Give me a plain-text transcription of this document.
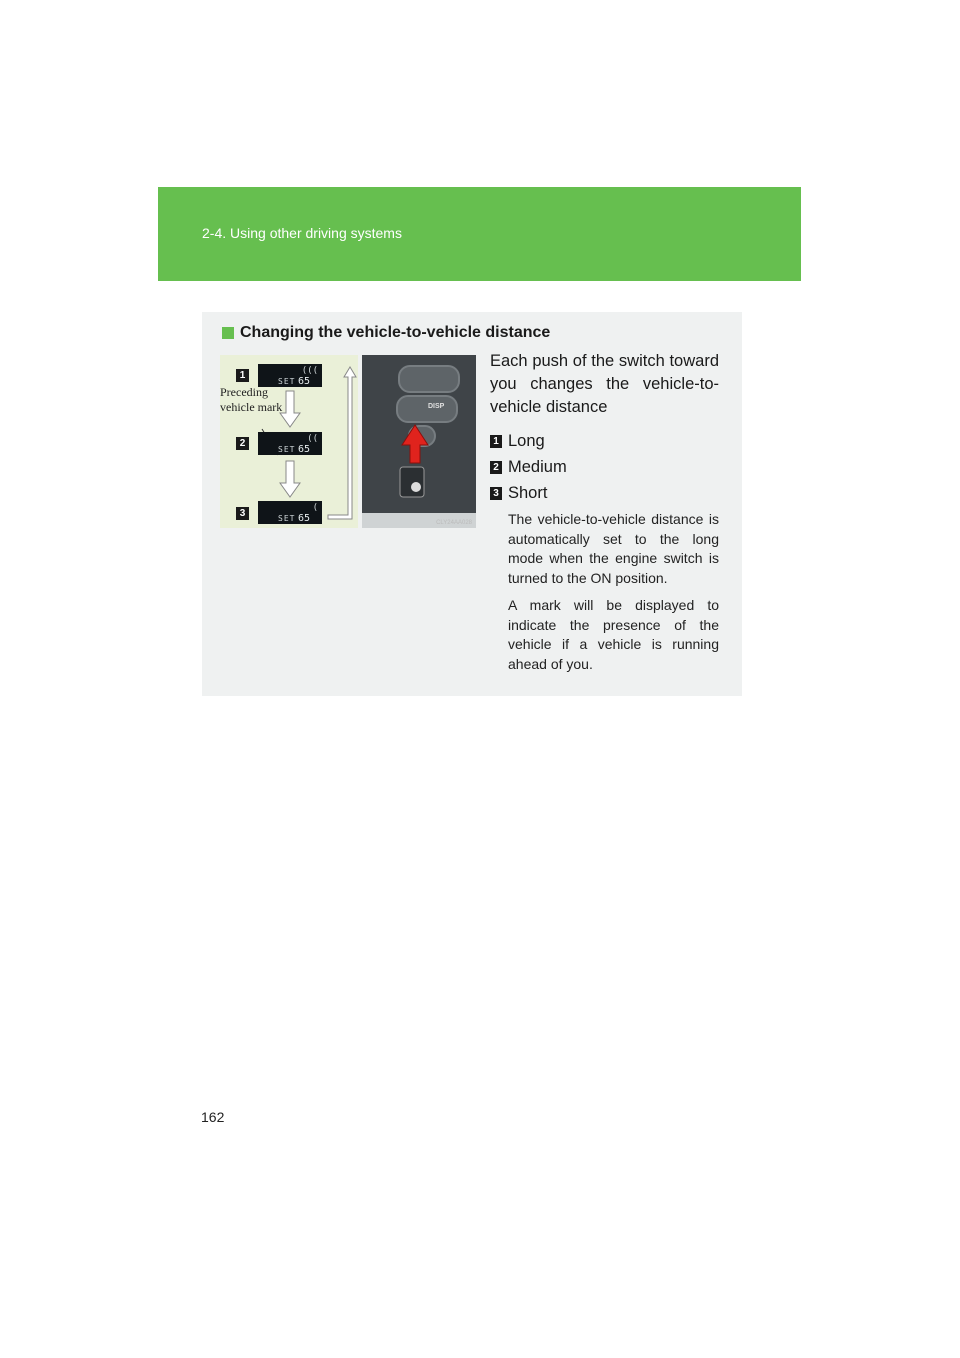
2-4. Using other driving systems
Changing the vehicle-to-vehicle distance
1	(((
SET 65
Preceding
vehicle mark
2	((
SET 65
3	(
SET 65
DISP
CLY24AA028
Each push of the switch toward you changes the vehicle-to-vehicle distance
1 Long
2 Medium
3 Short
The vehicle-to-vehicle distance is automatically set to the long mode when the engine switch is turned to the ON position.
A mark will be displayed to indicate the presence of the vehicle if a vehicle is running ahead of you.
162
